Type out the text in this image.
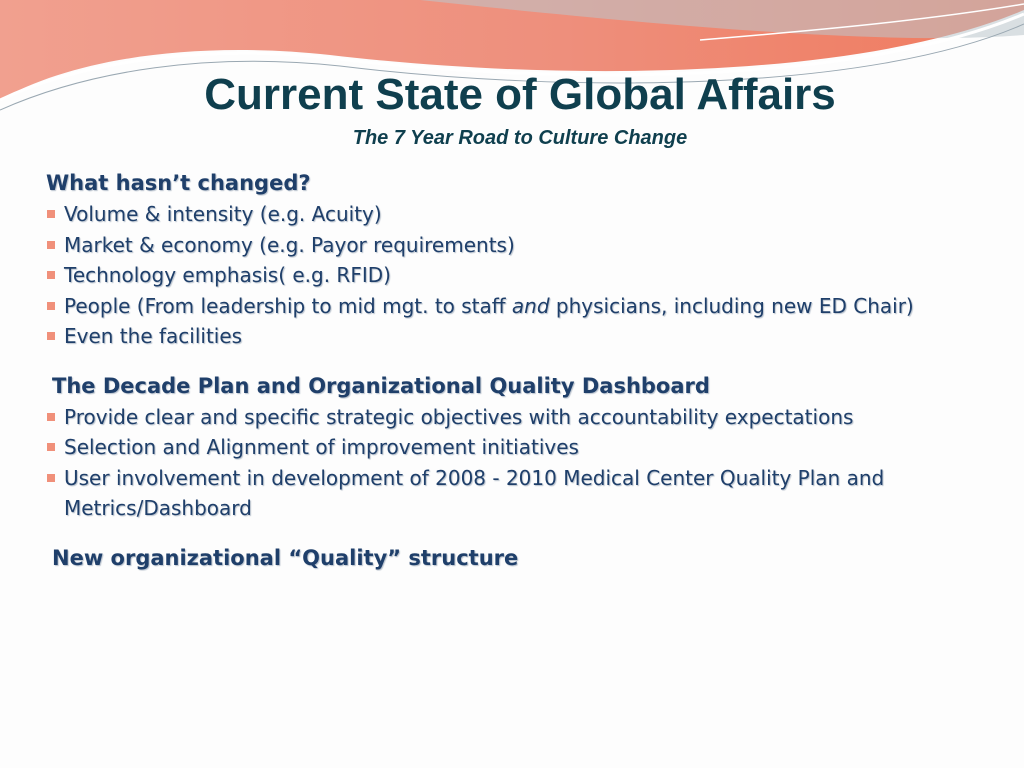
Current State of Global Affairs
The 7 Year Road to Culture Change
What hasn’t changed?
Volume & intensity (e.g. Acuity)
Market & economy (e.g. Payor requirements)
Technology emphasis( e.g. RFID)
People (From leadership to mid mgt. to staff and physicians, including new ED Chair)
Even the facilities
The Decade Plan and Organizational Quality Dashboard
Provide clear and specific strategic objectives with accountability expectations
Selection and Alignment of improvement initiatives
User involvement in development of 2008 - 2010 Medical Center Quality Plan and Metrics/Dashboard
New organizational “Quality” structure
